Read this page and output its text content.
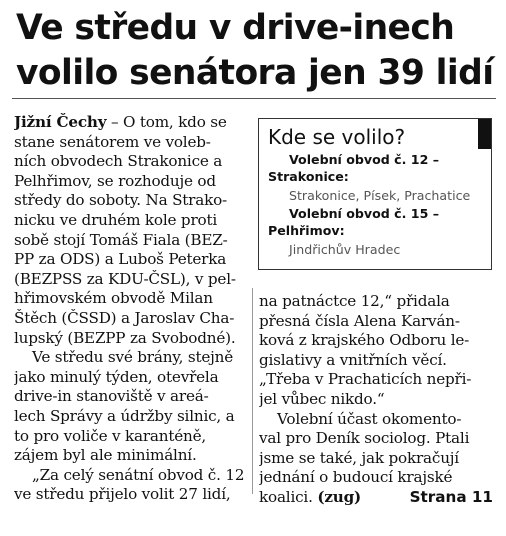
Ve středu v drive-inech
volilo senátora jen 39 lidí
Jižní Čechy – O tom, kdo se
stane senátorem ve voleb-
ních obvodech Strakonice a
Pelhřimov, se rozhoduje od
středy do soboty. Na Strako-
nicku ve druhém kole proti
sobě stojí Tomáš Fiala (BEZ-
PP za ODS) a Luboš Peterka
(BEZPSS za KDU-ČSL), v pel-
hřimovském obvodě Milan
Štěch (ČSSD) a Jaroslav Cha-
lupský (BEZPP za Svobodné).
Ve středu své brány, stejně
jako minulý týden, otevřela
drive-in stanoviště v areá-
lech Správy a údržby silnic, a
to pro voliče v karanténě,
zájem byl ale minimální.
„Za celý senátní obvod č. 12
ve středu přijelo volit 27 lidí,
Kde se volilo?
Volební obvod č. 12 –
Strakonice:
Strakonice, Písek, Prachatice
Volební obvod č. 15 –
Pelhřimov:
Jindřichův Hradec
na patnáctce 12,“ přidala
přesná čísla Alena Karván-
ková z krajského Odboru le-
gislativy a vnitřních věcí.
„Třeba v Prachaticích nepři-
jel vůbec nikdo.“
Volební účast okomento-
val pro Deník sociolog. Ptali
jsme se také, jak pokračují
jednání o budoucí krajské
koalici. (zug)	Strana 11
